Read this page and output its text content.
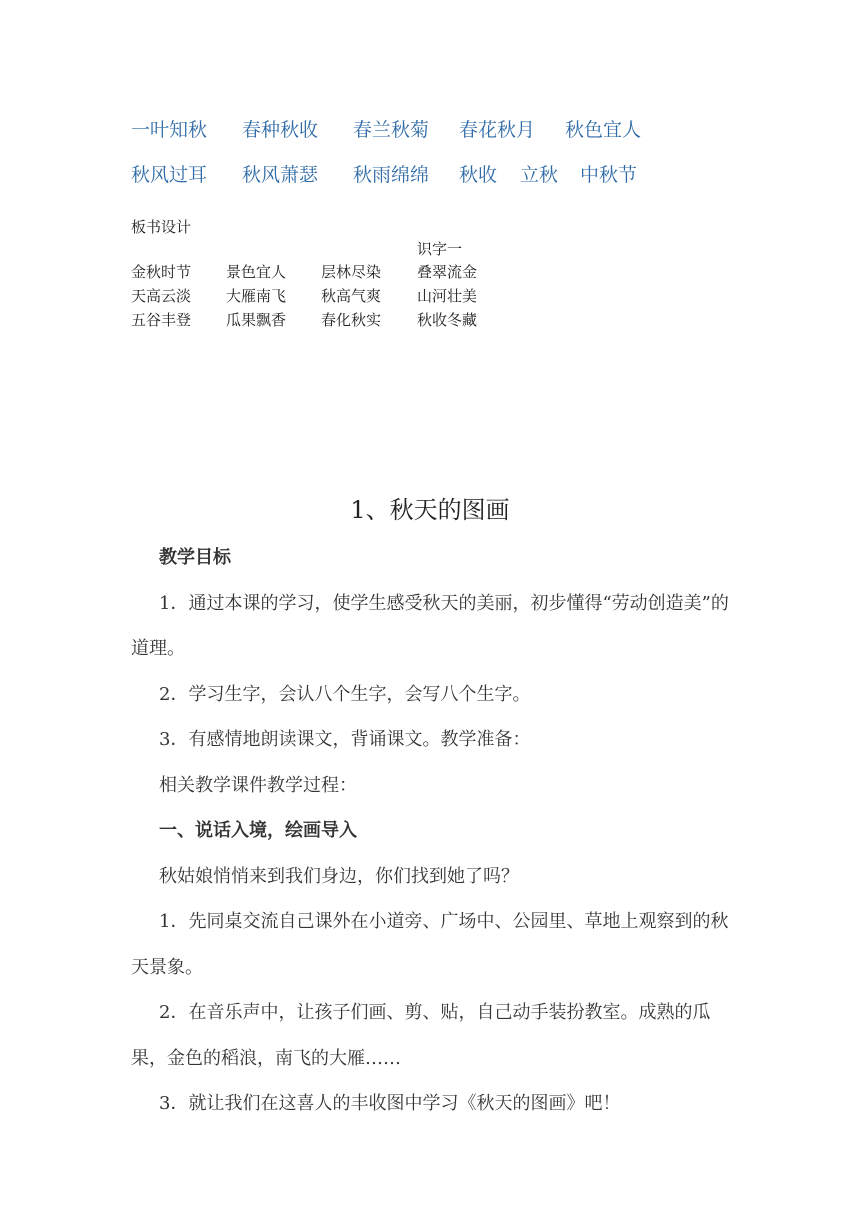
一叶知秋 春种秋收 春兰秋菊 春花秋月 秋色宜人
秋风过耳 秋风萧瑟 秋雨绵绵 秋收 立秋 中秋节
板书设计
识字一
金秋时节 景色宜人 层林尽染 叠翠流金
天高云淡 大雁南飞 秋高气爽 山河壮美
五谷丰登 瓜果飘香 春化秋实 秋收冬藏
1、秋天的图画

教学目标

1．通过本课的学习，使学生感受秋天的美丽，初步懂得“劳动创造美”的道理。

2．学习生字，会认八个生字，会写八个生字。

3．有感情地朗读课文，背诵课文。教学准备：

相关教学课件教学过程：

一、说话入境，绘画导入

秋姑娘悄悄来到我们身边，你们找到她了吗？

1．先同桌交流自己课外在小道旁、广场中、公园里、草地上观察到的秋天景象。

2．在音乐声中，让孩子们画、剪、贴，自己动手装扮教室。成熟的瓜果，金色的稻浪，南飞的大雁……

3．就让我们在这喜人的丰收图中学习《秋天的图画》吧！
